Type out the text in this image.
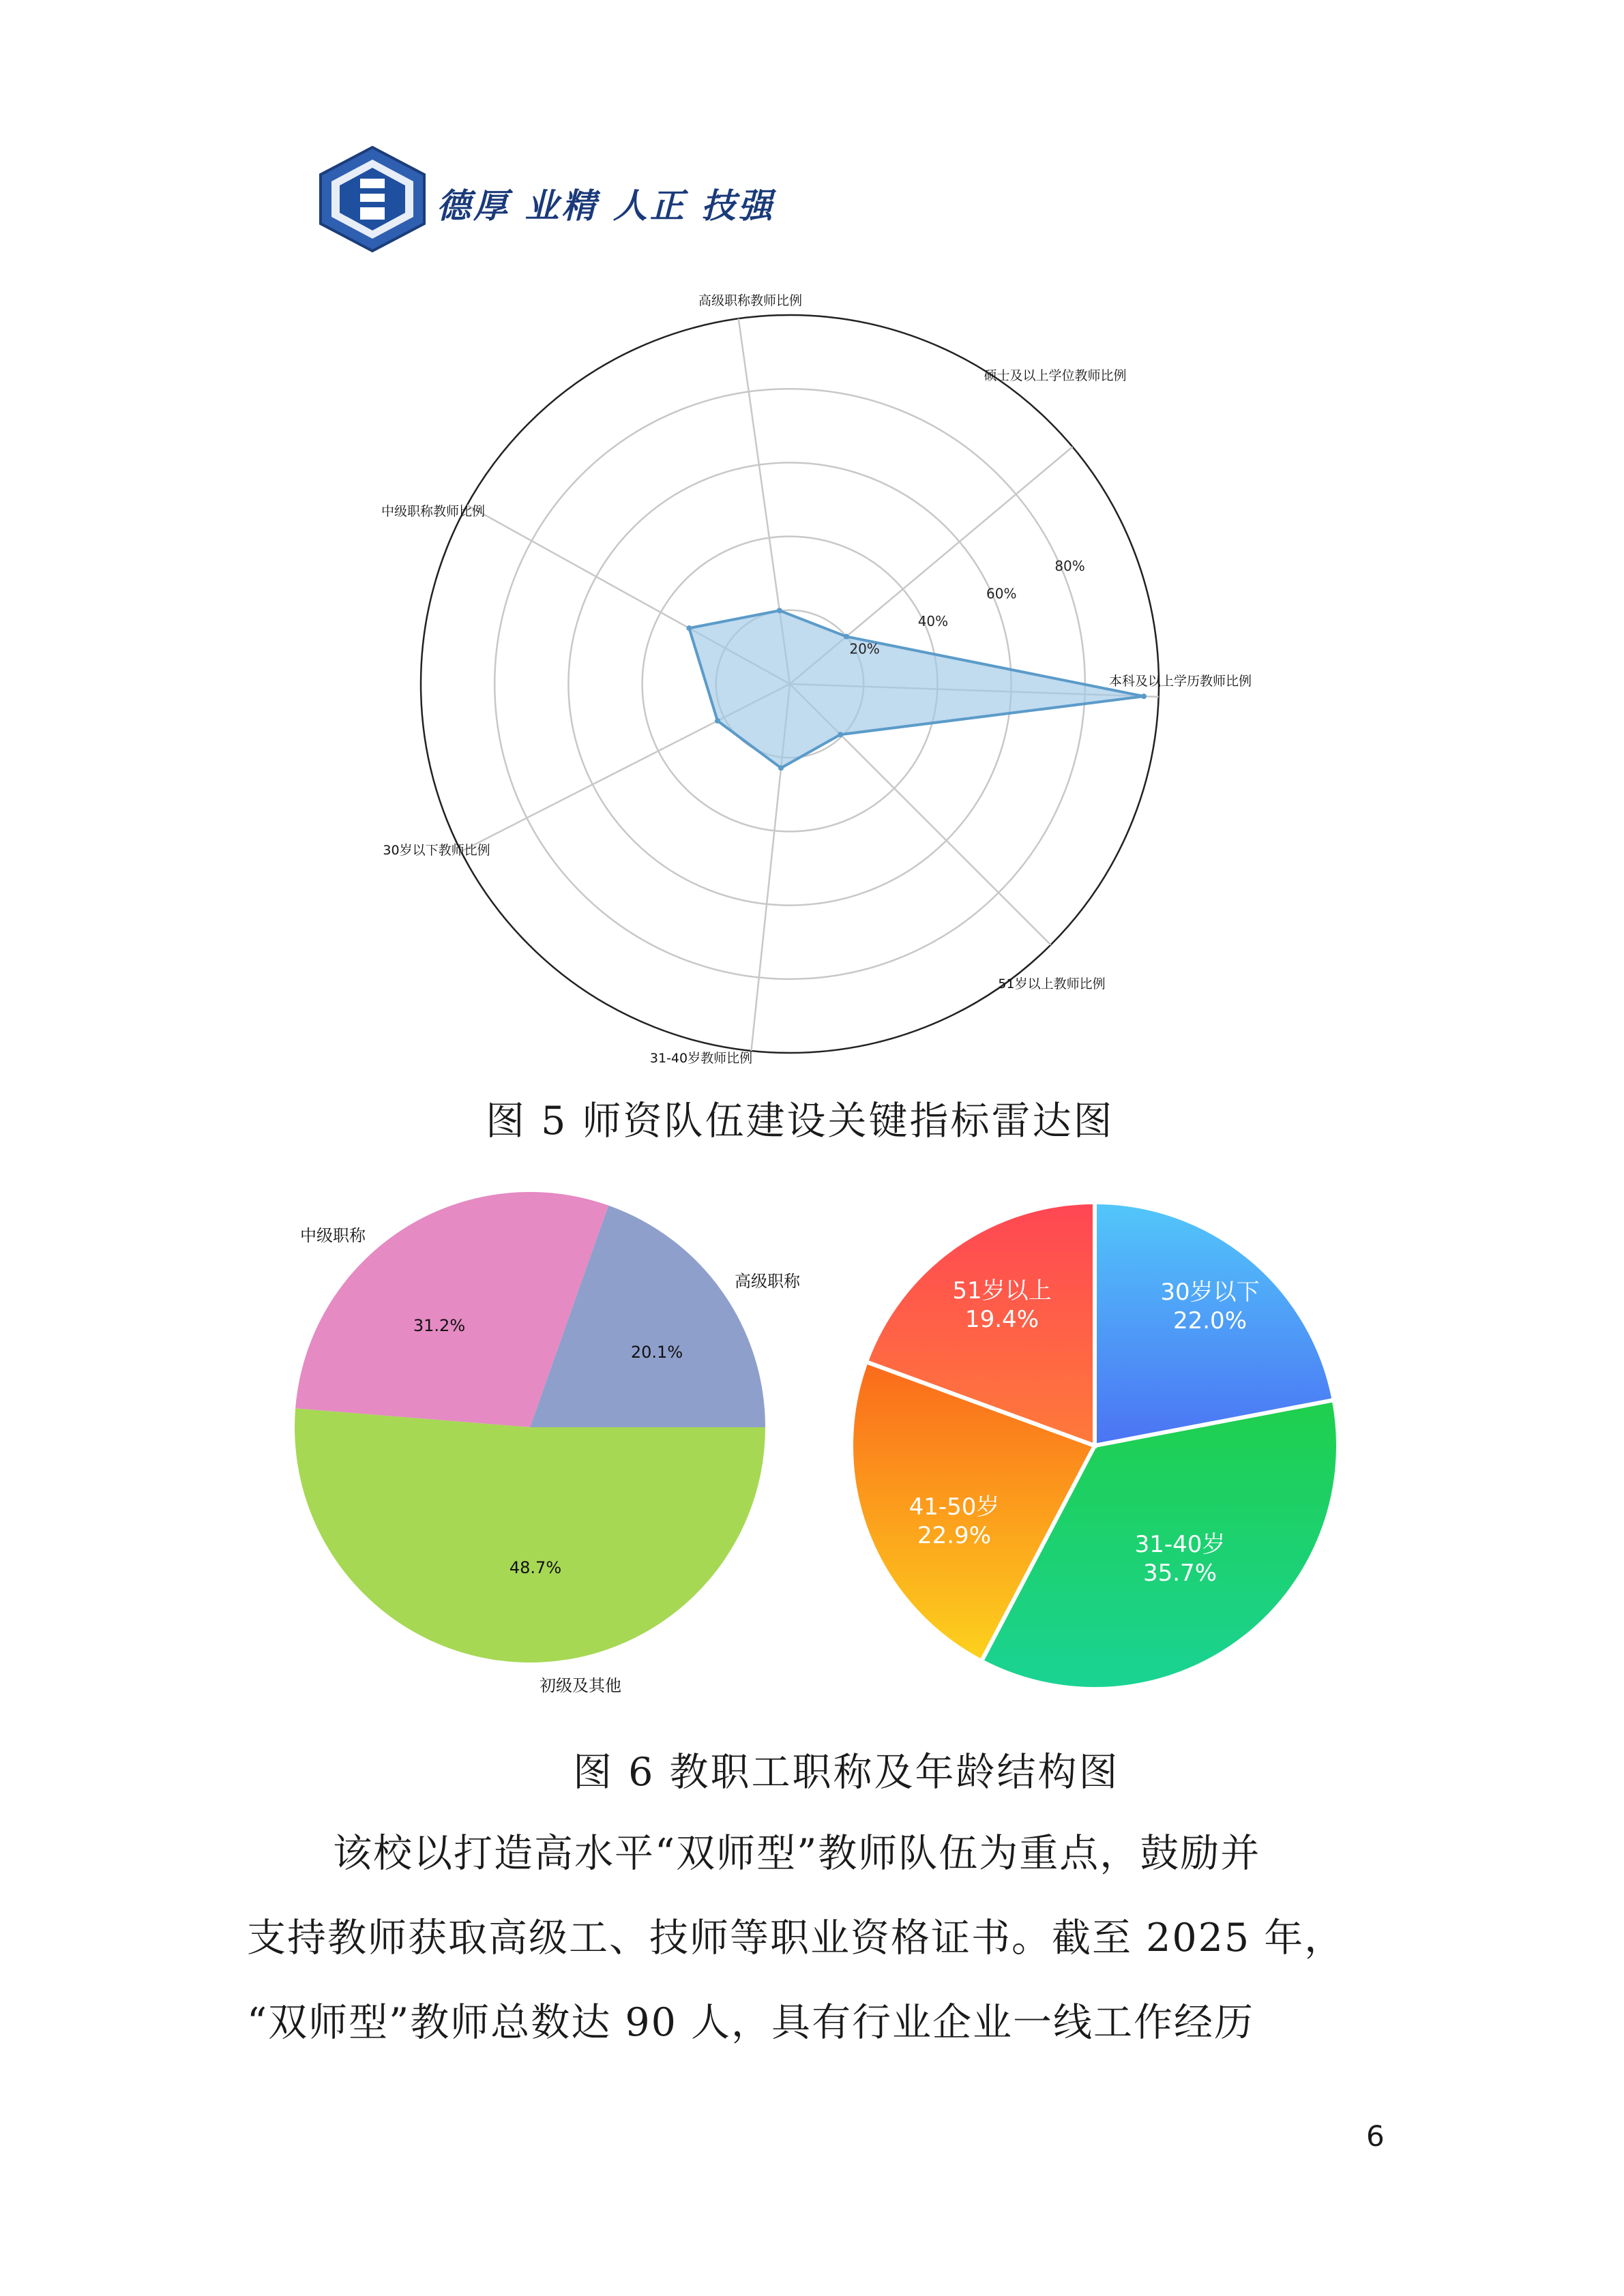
德厚 业精 人正 技强
20%
40%
60%
80%
高级职称教师比例
硕士及以上学位教师比例
本科及以上学历教师比例
51岁以上教师比例
31-40岁教师比例
30岁以下教师比例
中级职称教师比例
图 5 师资队伍建设关键指标雷达图
20.1%
31.2%
48.7%
高级职称
中级职称
初级及其他
30岁以下
22.0%
31-40岁
35.7%
41-50岁
22.9%
51岁以上
19.4%
图 6 教职工职称及年龄结构图
该校以打造高水平“双师型”教师队伍为重点，鼓励并
支持教师获取高级工、技师等职业资格证书。截至 2025 年，
“双师型”教师总数达 90 人，具有行业企业一线工作经历
6
